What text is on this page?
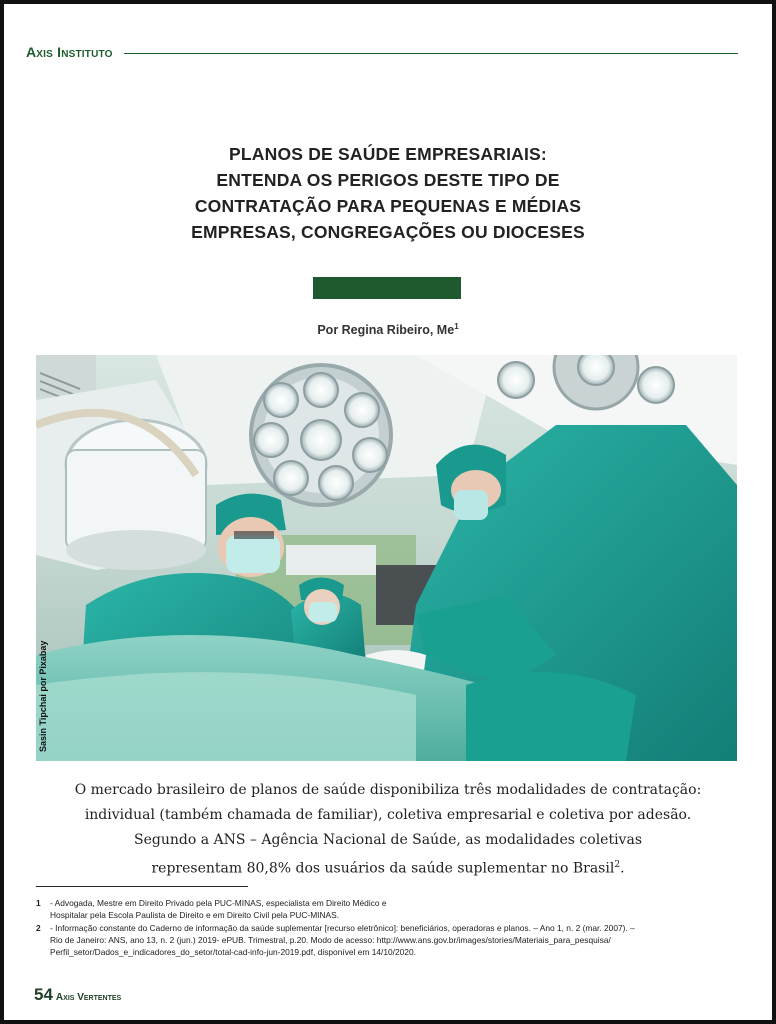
Axis Instituto
PLANOS DE SAÚDE EMPRESARIAIS:
ENTENDA OS PERIGOS DESTE TIPO DE
CONTRATAÇÃO PARA PEQUENAS E MÉDIAS
EMPRESAS, CONGREGAÇÕES OU DIOCESES
Por Regina Ribeiro, Me$^1$
Sasin Tipchai por Pixabay
O mercado brasileiro de planos de saúde disponibiliza três modalidades de contratação:
individual (também chamada de familiar), coletiva empresarial e coletiva por adesão.
Segundo a ANS – Agência Nacional de Saúde, as modalidades coletivas
representam 80,8% dos usuários da saúde suplementar no Brasil$^2$.
1 - Advogada, Mestre em Direito Privado pela PUC-MINAS, especialista em Direito Médico e
Hospitalar pela Escola Paulista de Direito e em Direito Civil pela PUC-MINAS.
2 - Informação constante do Caderno de informação da saúde suplementar [recurso eletrônico]: beneficiários, operadoras e planos. – Ano 1, n. 2 (mar. 2007). –
Rio de Janeiro: ANS, ano 13, n. 2 (jun.) 2019- ePUB. Trimestral, p.20. Modo de acesso: http://www.ans.gov.br/images/stories/Materiais_para_pesquisa/
Perfil_setor/Dados_e_indicadores_do_setor/total-cad-info-jun-2019.pdf, disponível em 14/10/2020.
54 Axis Vertentes
